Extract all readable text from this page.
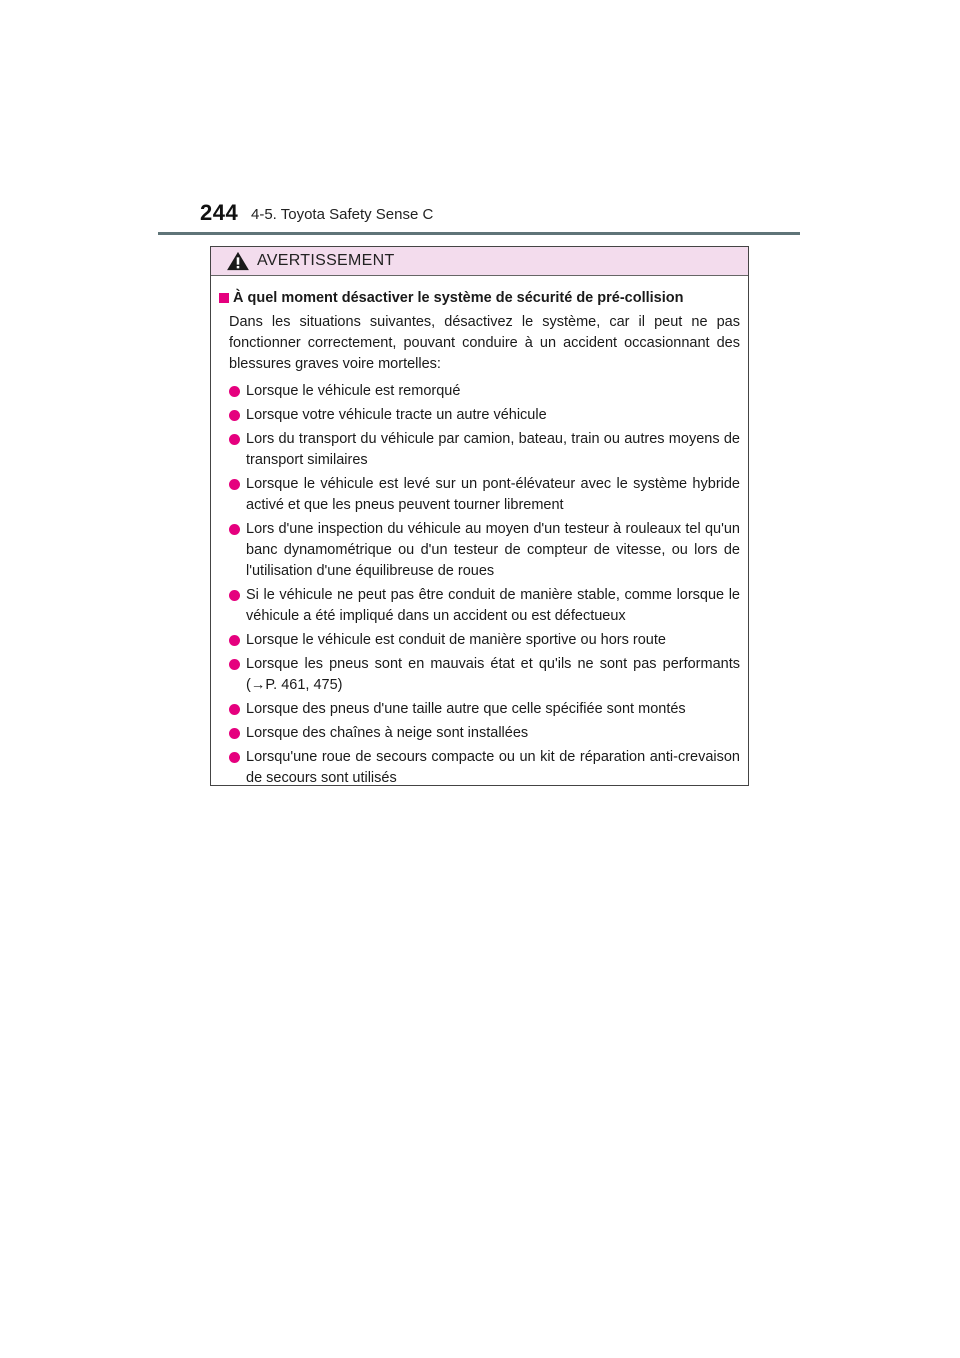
244 4-5. Toyota Safety Sense C
AVERTISSEMENT
À quel moment désactiver le système de sécurité de pré-collision

Dans les situations suivantes, désactivez le système, car il peut ne pas fonctionner correctement, pouvant conduire à un accident occasionnant des blessures graves voire mortelles:

Lorsque le véhicule est remorqué
Lorsque votre véhicule tracte un autre véhicule
Lors du transport du véhicule par camion, bateau, train ou autres moyens de transport similaires
Lorsque le véhicule est levé sur un pont-élévateur avec le système hybride activé et que les pneus peuvent tourner librement
Lors d'une inspection du véhicule au moyen d'un testeur à rouleaux tel qu'un banc dynamométrique ou d'un testeur de compteur de vitesse, ou lors de l'utilisation d'une équilibreuse de roues
Si le véhicule ne peut pas être conduit de manière stable, comme lorsque le véhicule a été impliqué dans un accident ou est défectueux
Lorsque le véhicule est conduit de manière sportive ou hors route
Lorsque les pneus sont en mauvais état et qu'ils ne sont pas performants (→P. 461, 475)
Lorsque des pneus d'une taille autre que celle spécifiée sont montés
Lorsque des chaînes à neige sont installées
Lorsqu'une roue de secours compacte ou un kit de réparation anti-crevaison de secours sont utilisés
